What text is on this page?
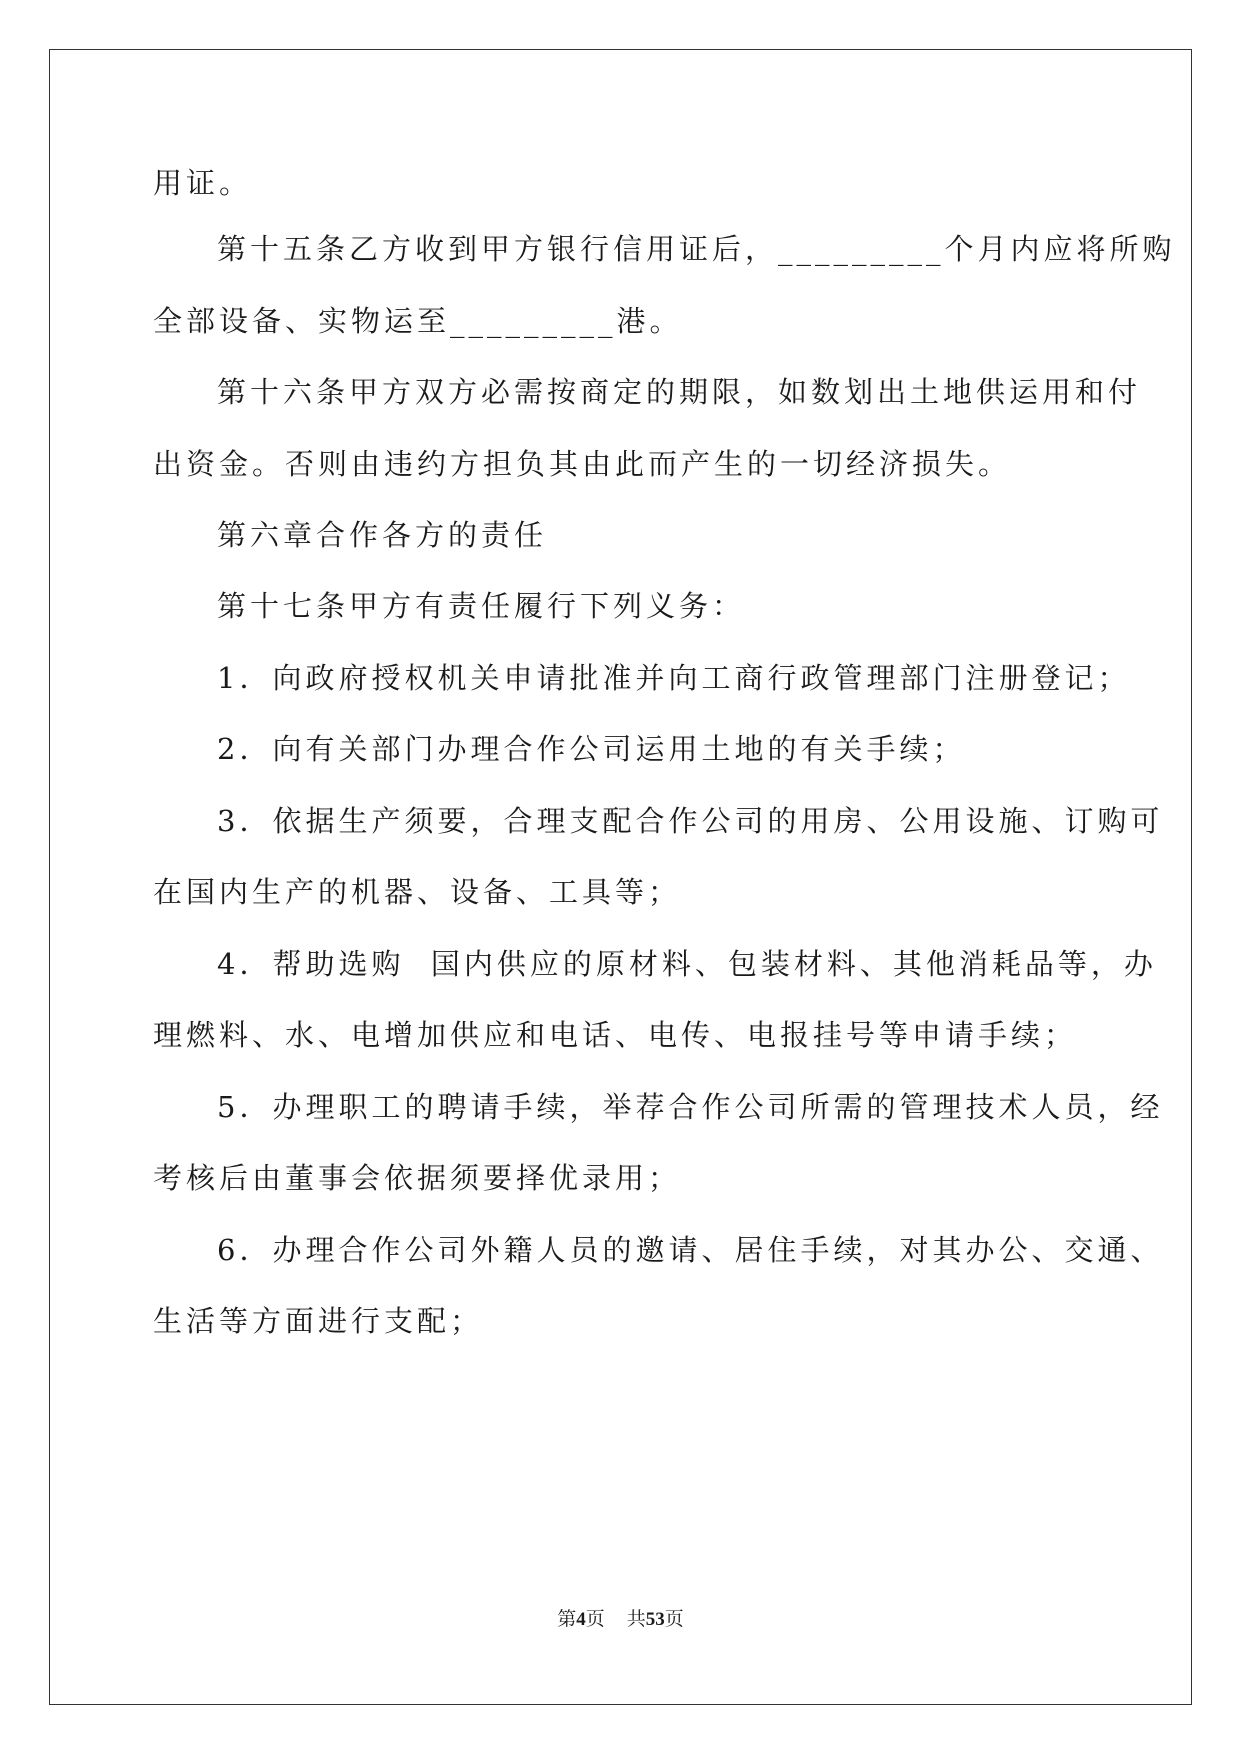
用证。
第十五条乙方收到甲方银行信用证后，_________个月内应将所购
全部设备、实物运至_________港。
第十六条甲方双方必需按商定的期限，如数划出土地供运用和付
出资金。否则由违约方担负其由此而产生的一切经济损失。
第六章合作各方的责任
第十七条甲方有责任履行下列义务：
1．向政府授权机关申请批准并向工商行政管理部门注册登记；
2．向有关部门办理合作公司运用土地的有关手续；
3．依据生产须要，合理支配合作公司的用房、公用设施、订购可
在国内生产的机器、设备、工具等；
4．帮助选购  国内供应的原材料、包装材料、其他消耗品等，办
理燃料、水、电增加供应和电话、电传、电报挂号等申请手续；
5．办理职工的聘请手续，举荐合作公司所需的管理技术人员，经
考核后由董事会依据须要择优录用；
6．办理合作公司外籍人员的邀请、居住手续，对其办公、交通、
生活等方面进行支配；
第4页 共53页
